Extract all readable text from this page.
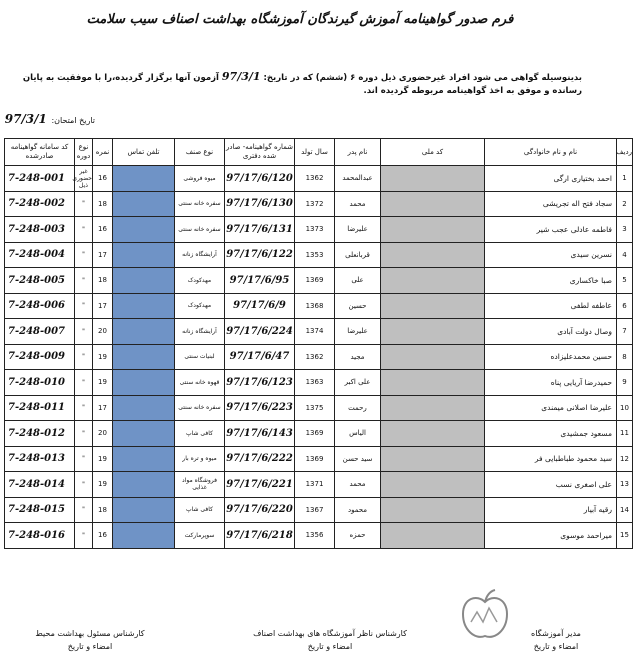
فرم صدور گواهینامه آموزش گیرندگان آموزشگاه بهداشت اصناف سیب سلامت
بدینوسیله گواهی می شود افراد غیرحضوری ذیل دوره ۶ (ششم) که در تاریخ: 97/3/1 آزمون آنها برگزار گردیده،را با موفقیت به پایان رسانده و موفق به اخذ گواهینامه مربوطه گردیده اند.
تاریخ امتحان: 97/3/1
ردیف	نام و نام خانوادگی	کد ملی	نام پدر	سال تولد	شماره گواهینامه- صادر شده دفتری	نوع صنف	تلفن تماس	نمره	نوع دوره	کد سامانه گواهینامه صادرشده
1	احمد بختیاری ارگی		عبدالمحمد	1362	97/17/6/120	میوه فروشی		16	غیر حضوری ذیل	7-248-001
2	سجاد فتح اله تجریشی		محمد	1372	97/17/6/130	سفره خانه سنتی		18	"	7-248-002
3	فاطمه عادلی عجب شیر		علیرضا	1373	97/17/6/131	سفره خانه سنتی		16	"	7-248-003
4	نسرین سیدی		قربانعلی	1353	97/17/6/122	آرایشگاه زنانه		17	"	7-248-004
5	صبا خاکساری		علی	1369	97/17/6/95	مهدکودک		18	"	7-248-005
6	عاطفه لطفی		حسین	1368	97/17/6/9	مهدکودک		17	"	7-248-006
7	وصال دولت آبادی		علیرضا	1374	97/17/6/224	آرایشگاه زنانه		20	"	7-248-007
8	حسین محمدعلیزاده		مجید	1362	97/17/6/47	لبنیات سنتی		19	"	7-248-009
9	حمیدرضا آریایی پناه		علی اکبر	1363	97/17/6/123	قهوه خانه سنتی		19	"	7-248-010
10	علیرضا اصلانی میمندی		رحمت	1375	97/17/6/223	سفره خانه سنتی		17	"	7-248-011
11	مسعود جمشیدی		الیاس	1369	97/17/6/143	کافی شاپ		20	"	7-248-012
12	سید محمود طباطبایی فر		سید حسن	1369	97/17/6/222	میوه و تره بار		19	"	7-248-013
13	علی اصغری نسب		محمد	1371	97/17/6/221	فروشگاه مواد غذایی		19	"	7-248-014
14	رقیه آبیار		محمود	1367	97/17/6/220	کافی شاپ		18	"	7-248-015
15	میراحمد موسوی		حمزه	1356	97/17/6/218	سوپرمارکت		16	"	7-248-016
مدیر آموزشگاه
امضاء و تاریخ
کارشناس ناظر آموزشگاه های بهداشت اصناف
امضاء و تاریخ
کارشناس مسئول بهداشت محیط
امضاء و تاریخ
